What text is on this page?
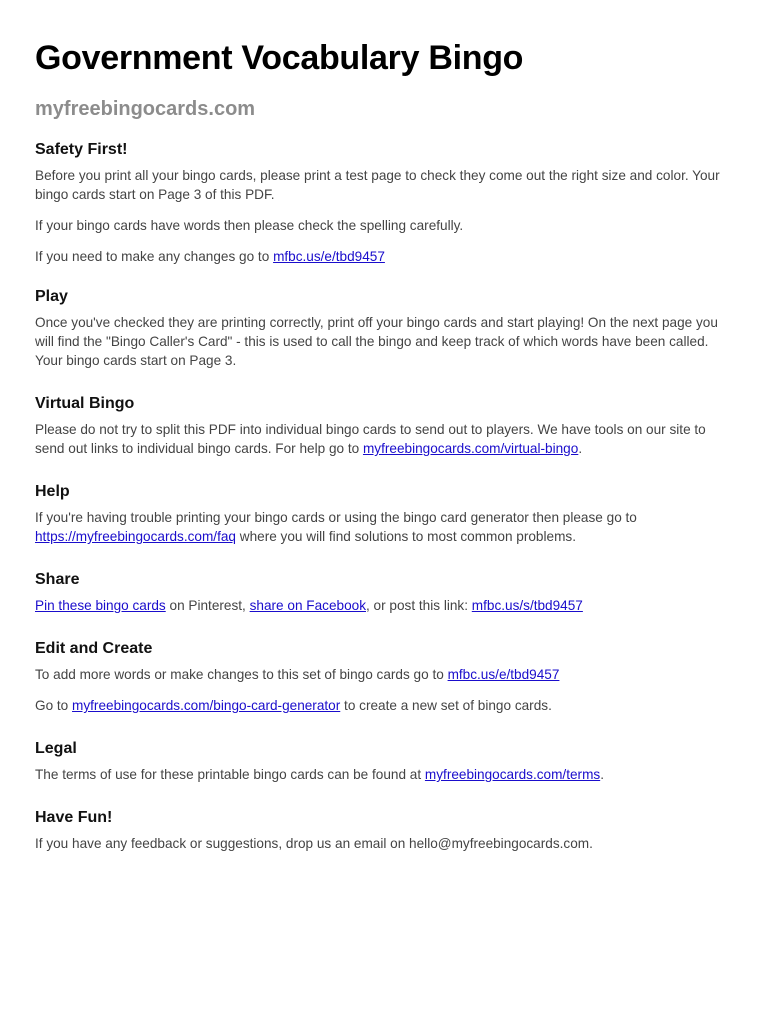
Government Vocabulary Bingo
myfreebingocards.com
Safety First!

Before you print all your bingo cards, please print a test page to check they come out the right size and color. Your bingo cards start on Page 3 of this PDF.

If your bingo cards have words then please check the spelling carefully.

If you need to make any changes go to mfbc.us/e/tbd9457

Play

Once you've checked they are printing correctly, print off your bingo cards and start playing! On the next page you will find the "Bingo Caller's Card" - this is used to call the bingo and keep track of which words have been called. Your bingo cards start on Page 3.

Virtual Bingo

Please do not try to split this PDF into individual bingo cards to send out to players. We have tools on our site to send out links to individual bingo cards. For help go to myfreebingocards.com/virtual-bingo.

Help

If you're having trouble printing your bingo cards or using the bingo card generator then please go to https://myfreebingocards.com/faq where you will find solutions to most common problems.

Share

Pin these bingo cards on Pinterest, share on Facebook, or post this link: mfbc.us/s/tbd9457

Edit and Create

To add more words or make changes to this set of bingo cards go to mfbc.us/e/tbd9457

Go to myfreebingocards.com/bingo-card-generator to create a new set of bingo cards.

Legal

The terms of use for these printable bingo cards can be found at myfreebingocards.com/terms.

Have Fun!

If you have any feedback or suggestions, drop us an email on hello@myfreebingocards.com.
